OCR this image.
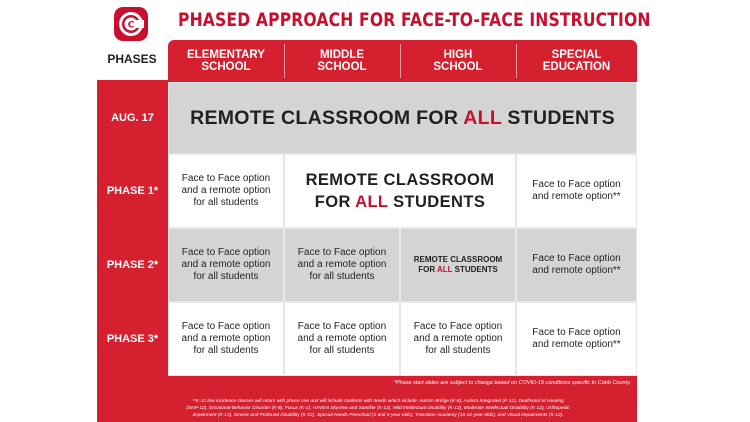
C PHASED APPROACH FOR FACE-TO-FACE INSTRUCTION
PHASES	ELEMENTARY
SCHOOL
MIDDLE
SCHOOL
HIGH
SCHOOL
SPECIAL
EDUCATION
AUG. 17
PHASE 1*
PHASE 2*
PHASE 3*
REMOTE CLASSROOM FOR ALL STUDENTS
Face to Face option
and a remote option
for all students
REMOTE CLASSROOM
FOR ALL STUDENTS
Face to Face option
and remote option**
Face to Face option
and a remote option
for all students
Face to Face option
and a remote option
for all students
REMOTE CLASSROOM
FOR ALL STUDENTS
Face to Face option
and remote option**
Face to Face option
and a remote option
for all students
Face to Face option
and a remote option
for all students
Face to Face option
and a remote option
for all students
Face to Face option
and remote option**
*Phase start dates are subject to change based on COVID-19 conditions specific to Cobb County.
**K-12 low incidence classes will return with phase one and will include students with needs which include: Autism Bridge (K-8), Autism Integrated (K-12), Deaf/Hard of Hearing
(SNP-12), Emotional-Behavior Disorder (K-8), Focus (K-1), HAVEN Skyview and Satellite (K-12), Mild Intellectual Disability (K-12), Moderate Intellectual Disability (K-12), Orthopedic
Impairment (K-12), Severe and Profound Disability (K-12), Special Needs Preschool (3 and 4-year-olds), Transition Academy (18-22-year-olds), and Visual Impairments (K-12).
